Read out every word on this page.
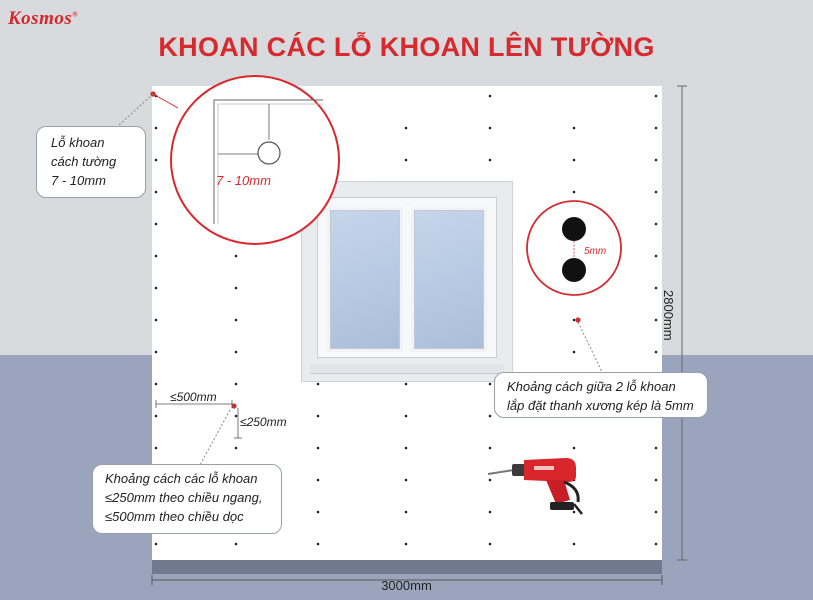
Kosmos®
KHOAN CÁC LỖ KHOAN LÊN TƯỜNG
7 - 10mm
5mm
≤500mm
≤250mm
2800mm
3000mm
Lỗ khoan
cách tường
7 - 10mm
Khoảng cách giữa 2 lỗ khoan
lắp đặt thanh xương kép là 5mm
Khoảng cách các lỗ khoan
≤250mm theo chiều ngang,
≤500mm theo chiều dọc
